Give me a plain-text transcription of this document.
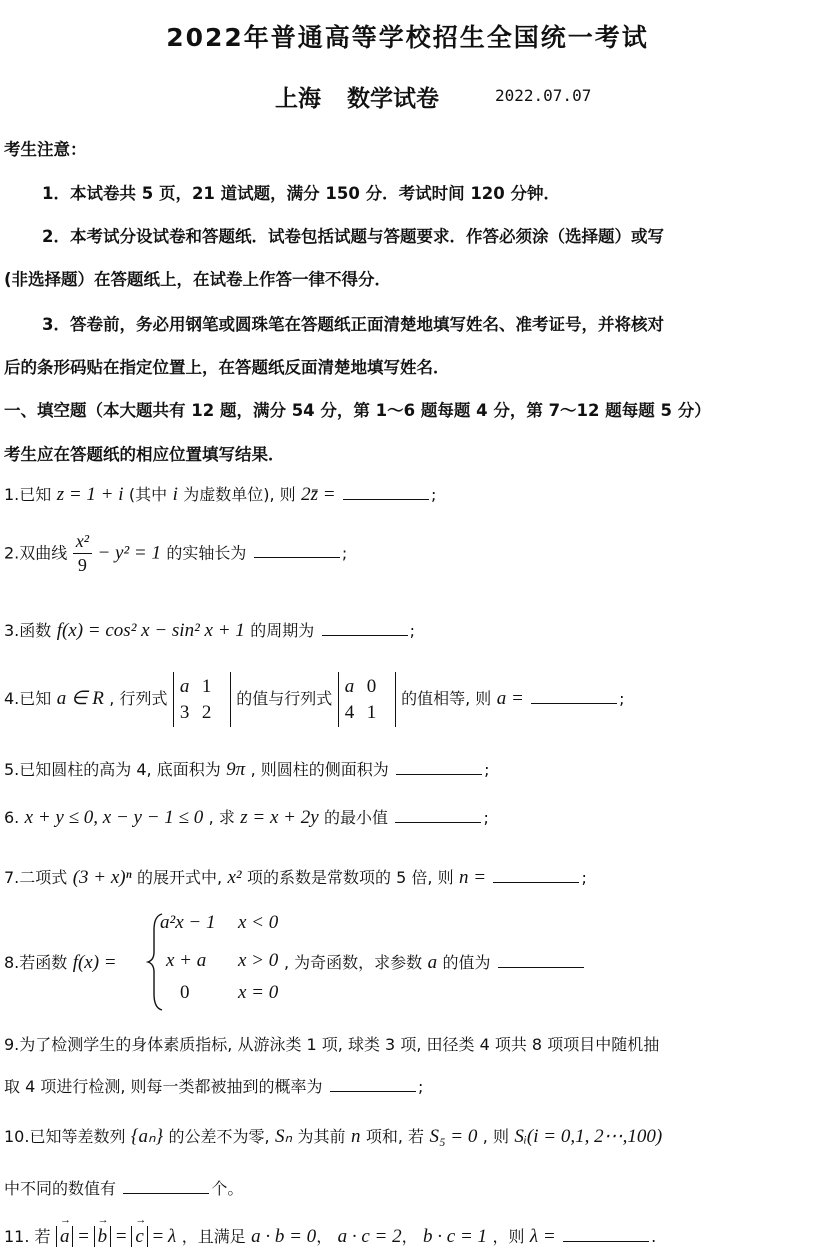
2022年普通高等学校招生全国统一考试
上海 数学试卷	2022.07.07
考生注意：
1．本试卷共 5 页，21 道试题，满分 150 分．考试时间 120 分钟．
2．本考试分设试卷和答题纸．试卷包括试题与答题要求．作答必须涂（选择题）或写
(非选择题）在答题纸上，在试卷上作答一律不得分．
3．答卷前，务必用钢笔或圆珠笔在答题纸正面清楚地填写姓名、准考证号，并将核对
后的条形码贴在指定位置上，在答题纸反面清楚地填写姓名．
一、填空题（本大题共有 12 题，满分 54 分，第 1～6 题每题 4 分，第 7～12 题每题 5 分）
考生应在答题纸的相应位置填写结果．
1.已知 z = 1 + i (其中 i 为虚数单位), 则 2z̄ =	;
2.双曲线 $\frac{\text{x²}}{9} - y^2 = 1$ 的实轴长为	;
3.函数 f(x) = cos² x − sin² x + 1 的周期为	;
4.已知 a ∈ R , 行列式
a 1
3 2
的值与行列式
a 0
4 1
的值相等, 则 a =	;
5.已知圆柱的高为 4, 底面积为 9π , 则圆柱的侧面积为	;
6. x + y ≤ 0, x − y − 1 ≤ 0 , 求 z = x + 2y 的最小值	;
7.二项式 (3 + x)ⁿ 的展开式中, x² 项的系数是常数项的 5 倍, 则 n =	;
8.若函数 f(x) =
a²x − 1 x < 0
x + a x > 0
0	x = 0
, 为奇函数，求参数 a 的值为
9.为了检测学生的身体素质指标, 从游泳类 1 项, 球类 3 项, 田径类 4 项共 8 项项目中随机抽
取 4 项进行检测, 则每一类都被抽到的概率为	;
10.已知等差数列 {aₙ} 的公差不为零, Sₙ 为其前 n 项和, 若 S₅ = 0 , 则 Sᵢ(i = 0,1, 2⋯,100)
中不同的数值有	个。
11. 若 → a = → b = → c = λ ，且满足 a · b = 0， a · c = 2， b · c = 1 ，则 λ =	.
